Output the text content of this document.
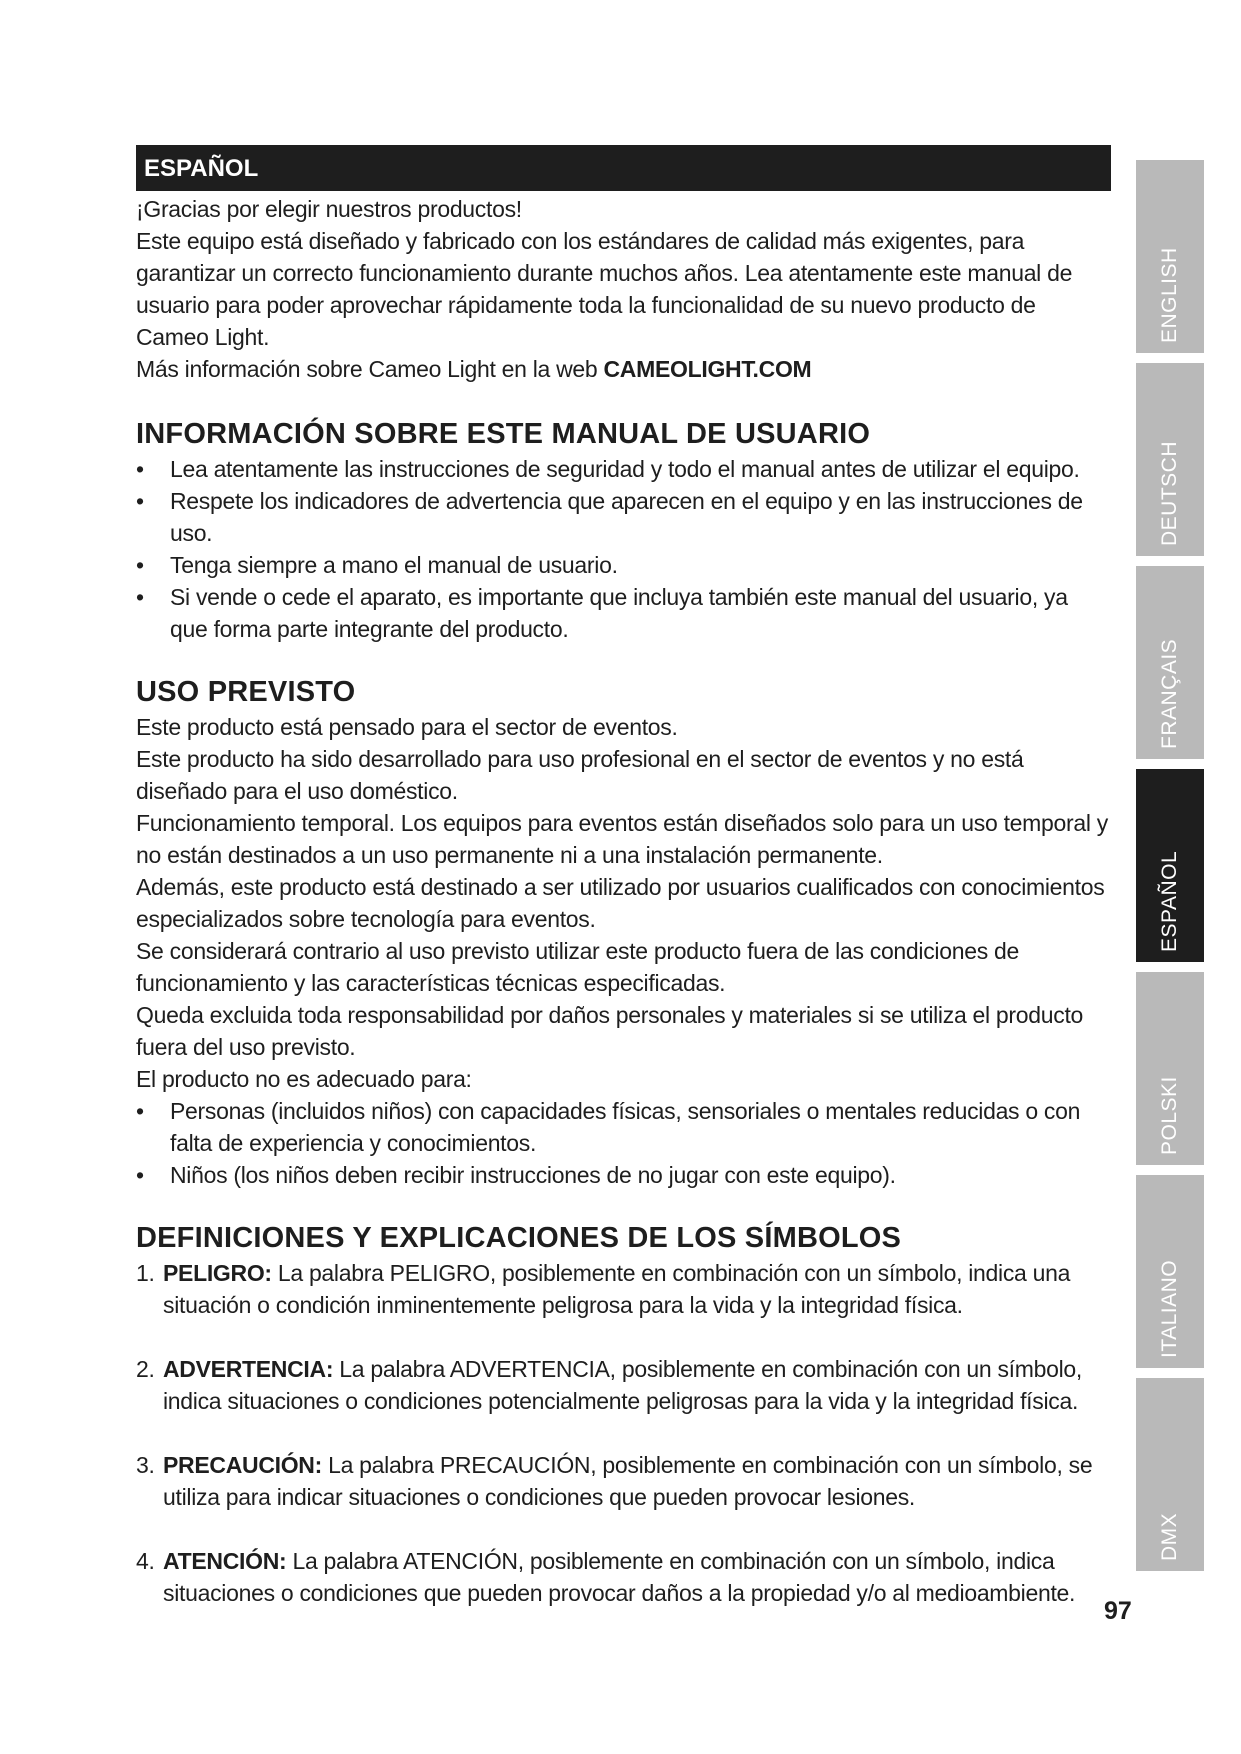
ESPAÑOL

¡Gracias por elegir nuestros productos!

Este equipo está diseñado y fabricado con los estándares de calidad más exigentes, para garantizar un correcto funcionamiento durante muchos años. Lea atentamente este manual de usuario para poder aprovechar rápidamente toda la funcionalidad de su nuevo producto de Cameo Light.

Más información sobre Cameo Light en la web CAMEOLIGHT.COM

INFORMACIÓN SOBRE ESTE MANUAL DE USUARIO
• Lea atentamente las instrucciones de seguridad y todo el manual antes de utilizar el equipo.
• Respete los indicadores de advertencia que aparecen en el equipo y en las instrucciones de uso.
• Tenga siempre a mano el manual de usuario.
• Si vende o cede el aparato, es importante que incluya también este manual del usuario, ya que forma parte integrante del producto.
USO PREVISTO

Este producto está pensado para el sector de eventos.

Este producto ha sido desarrollado para uso profesional en el sector de eventos y no está diseñado para el uso doméstico.

Funcionamiento temporal. Los equipos para eventos están diseñados solo para un uso temporal y no están destinados a un uso permanente ni a una instalación permanente.

Además, este producto está destinado a ser utilizado por usuarios cualificados con conocimientos especializados sobre tecnología para eventos.

Se considerará contrario al uso previsto utilizar este producto fuera de las condiciones de funcionamiento y las características técnicas especificadas.

Queda excluida toda responsabilidad por daños personales y materiales si se utiliza el producto fuera del uso previsto.

El producto no es adecuado para:

• Personas (incluidos niños) con capacidades físicas, sensoriales o mentales reducidas o con falta de experiencia y conocimientos.
• Niños (los niños deben recibir instrucciones de no jugar con este equipo).
DEFINICIONES Y EXPLICACIONES DE LOS SÍMBOLOS
1. PELIGRO: La palabra PELIGRO, posiblemente en combinación con un símbolo, indica una situación o condición inminentemente peligrosa para la vida y la integridad física.
2. ADVERTENCIA: La palabra ADVERTENCIA, posiblemente en combinación con un símbolo, indica situaciones o condiciones potencialmente peligrosas para la vida y la integridad física.
3. PRECAUCIÓN: La palabra PRECAUCIÓN, posiblemente en combinación con un símbolo, se utiliza para indicar situaciones o condiciones que pueden provocar lesiones.
4. ATENCIÓN: La palabra ATENCIÓN, posiblemente en combinación con un símbolo, indica situaciones o condiciones que pueden provocar daños a la propiedad y/o al medioambiente.
ENGLISH
DEUTSCH
FRANÇAIS
ESPAÑOL
POLSKI
ITALIANO
DMX
97
